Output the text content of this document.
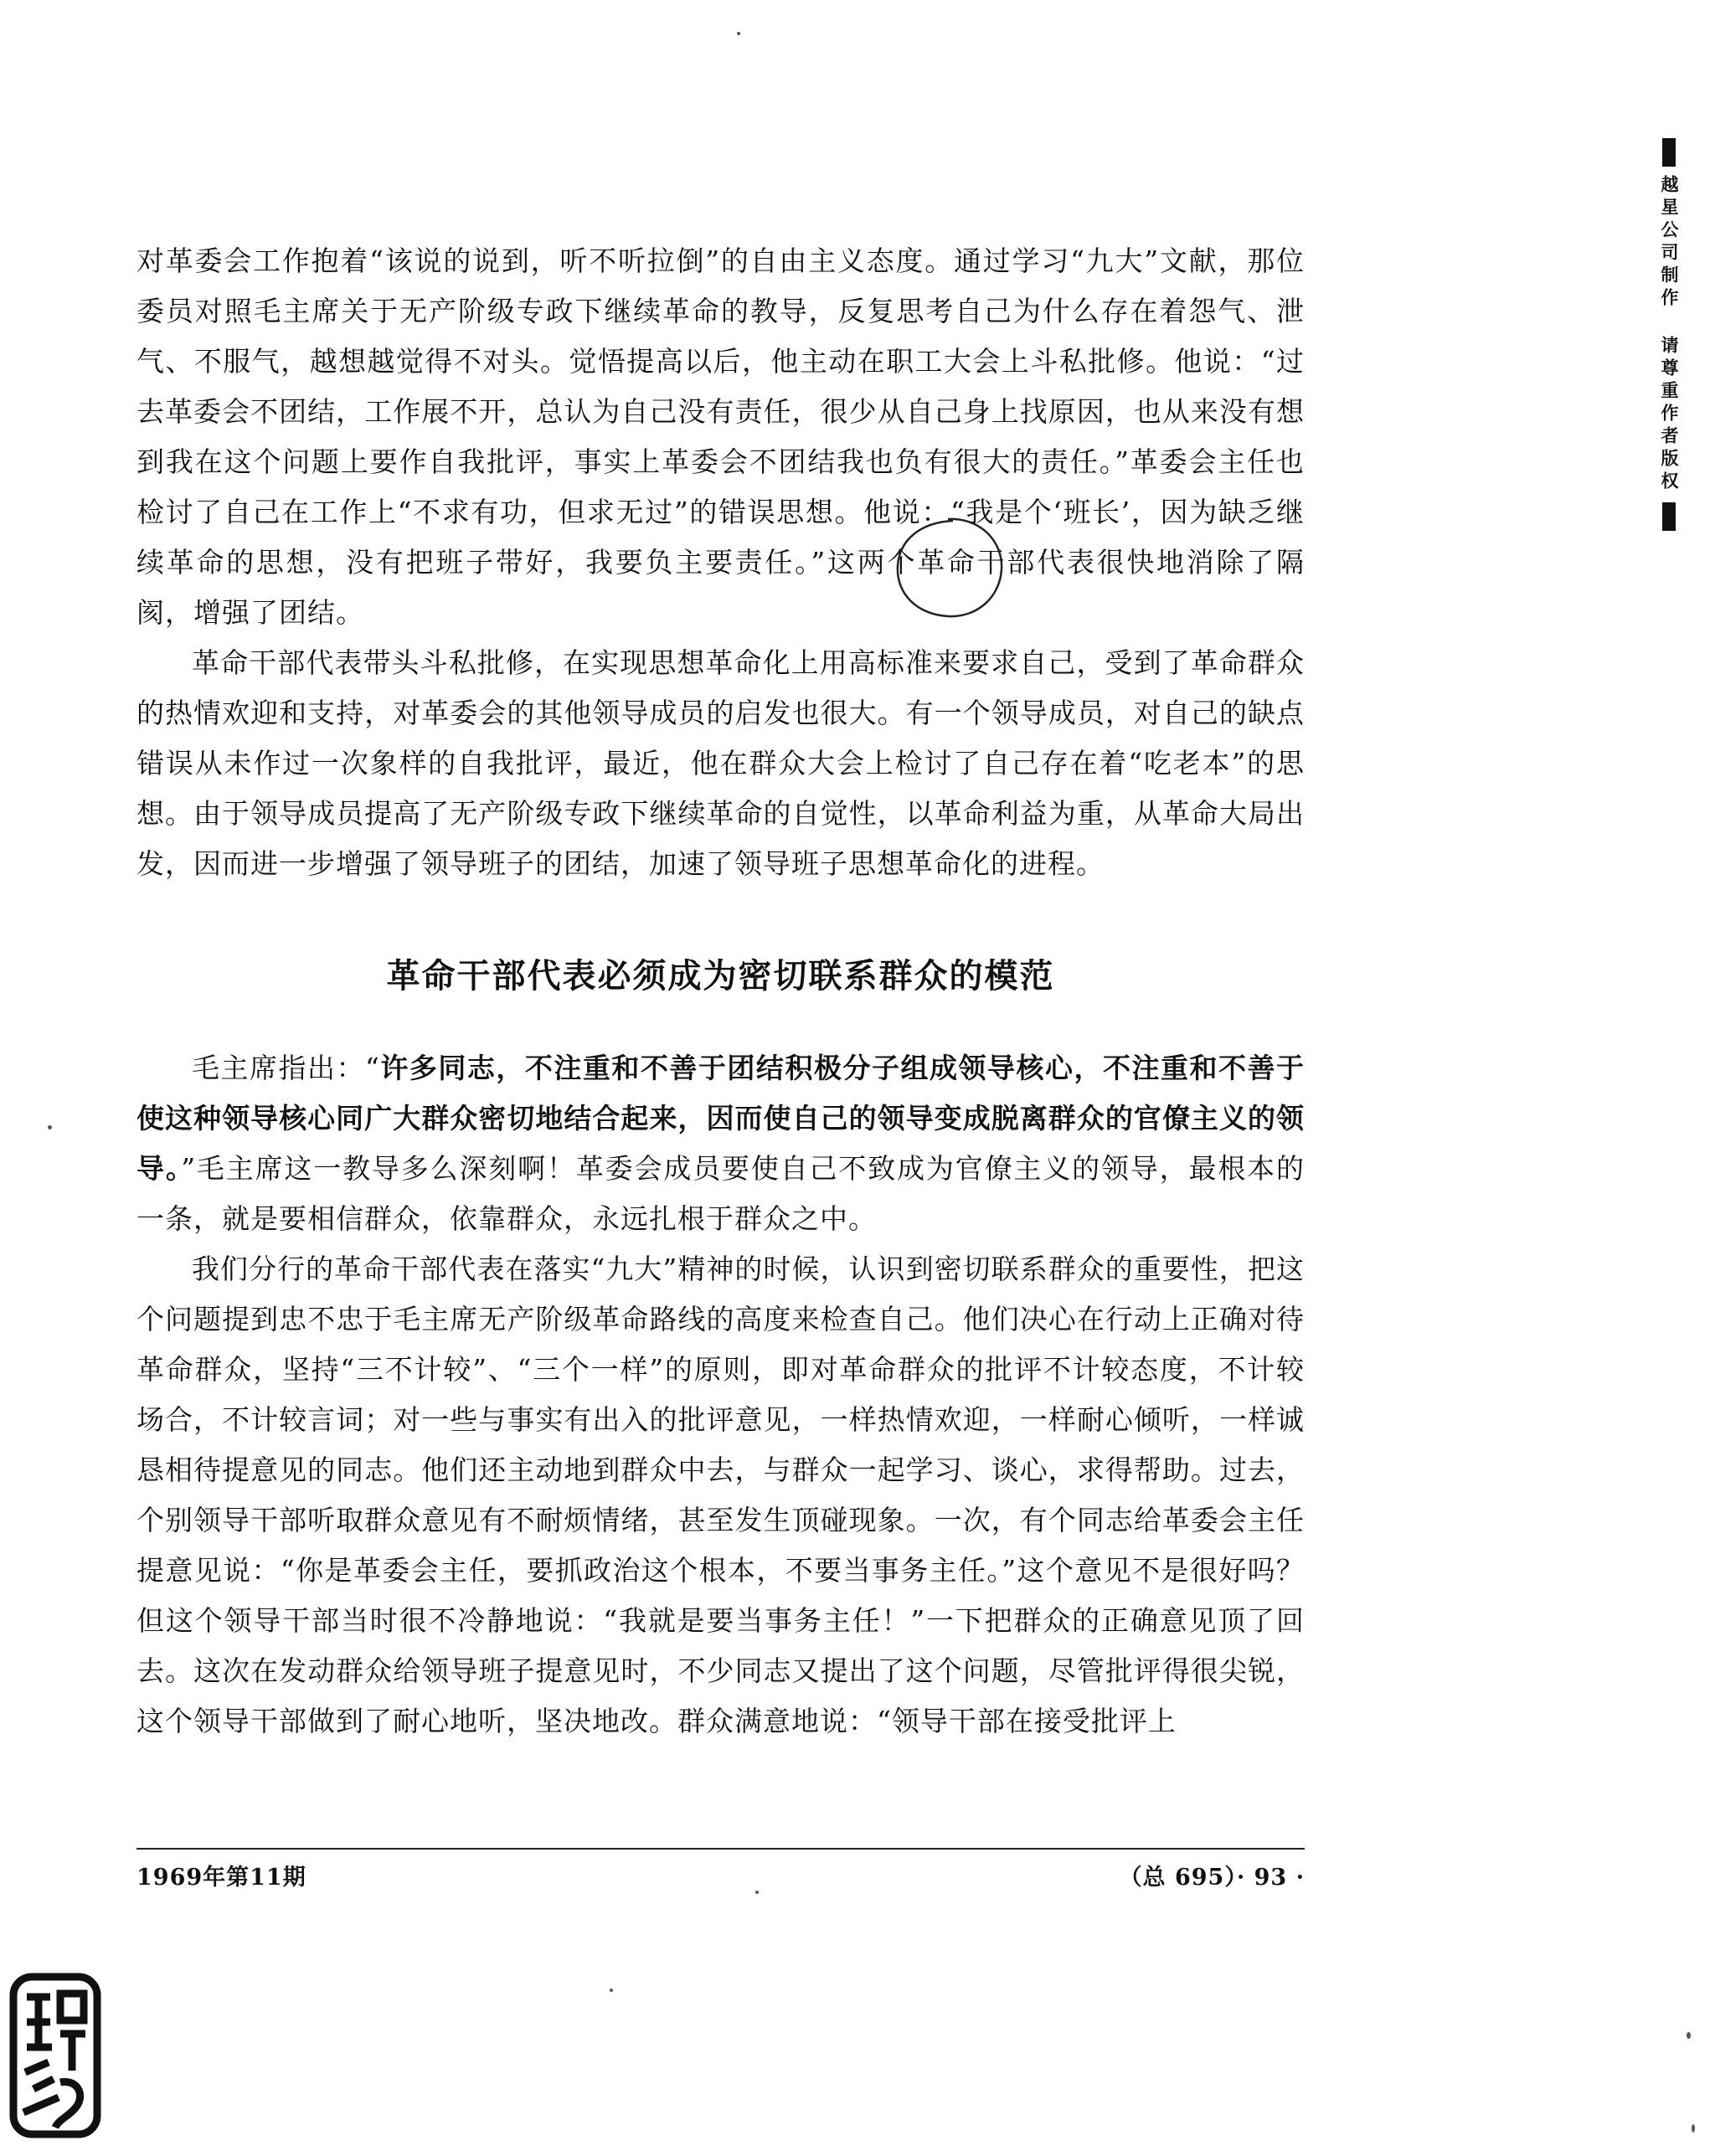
越星公司制作 请尊重作者版权

对革委会工作抱着“该说的说到，听不听拉倒”的自由主义态度。通过学习“九大”文献，那位委员对照毛主席关于无产阶级专政下继续革命的教导，反复思考自己为什么存在着怨气、泄气、不服气，越想越觉得不对头。觉悟提高以后，他主动在职工大会上斗私批修。他说：“过去革委会不团结，工作展不开，总认为自己没有责任，很少从自己身上找原因，也从来没有想到我在这个问题上要作自我批评，事实上革委会不团结我也负有很大的责任。”革委会主任也检讨了自己在工作上“不求有功，但求无过”的错误思想。他说：“我是个‘班长’，因为缺乏继续革命的思想，没有把班子带好，我要负主要责任。”这两个革命干部代表很快地消除了隔阂，增强了团结。

革命干部代表带头斗私批修，在实现思想革命化上用高标准来要求自己，受到了革命群众的热情欢迎和支持，对革委会的其他领导成员的启发也很大。有一个领导成员，对自己的缺点错误从未作过一次象样的自我批评，最近，他在群众大会上检讨了自己存在着“吃老本”的思想。由于领导成员提高了无产阶级专政下继续革命的自觉性，以革命利益为重，从革命大局出发，因而进一步增强了领导班子的团结，加速了领导班子思想革命化的进程。

革命干部代表必须成为密切联系群众的模范

毛主席指出：“许多同志，不注重和不善于团结积极分子组成领导核心，不注重和不善于使这种领导核心同广大群众密切地结合起来，因而使自己的领导变成脱离群众的官僚主义的领导。”毛主席这一教导多么深刻啊！革委会成员要使自己不致成为官僚主义的领导，最根本的一条，就是要相信群众，依靠群众，永远扎根于群众之中。

我们分行的革命干部代表在落实“九大”精神的时候，认识到密切联系群众的重要性，把这个问题提到忠不忠于毛主席无产阶级革命路线的高度来检查自己。他们决心在行动上正确对待革命群众，坚持“三不计较”、“三个一样”的原则，即对革命群众的批评不计较态度，不计较场合，不计较言词；对一些与事实有出入的批评意见，一样热情欢迎，一样耐心倾听，一样诚恳相待提意见的同志。他们还主动地到群众中去，与群众一起学习、谈心，求得帮助。过去，个别领导干部听取群众意见有不耐烦情绪，甚至发生顶碰现象。一次，有个同志给革委会主任提意见说：“你是革委会主任，要抓政治这个根本，不要当事务主任。”这个意见不是很好吗？但这个领导干部当时很不冷静地说：“我就是要当事务主任！”一下把群众的正确意见顶了回去。这次在发动群众给领导班子提意见时，不少同志又提出了这个问题，尽管批评得很尖锐，这个领导干部做到了耐心地听，坚决地改。群众满意地说：“领导干部在接受批评上

1969年第11期	（总 695）· 93 ·
